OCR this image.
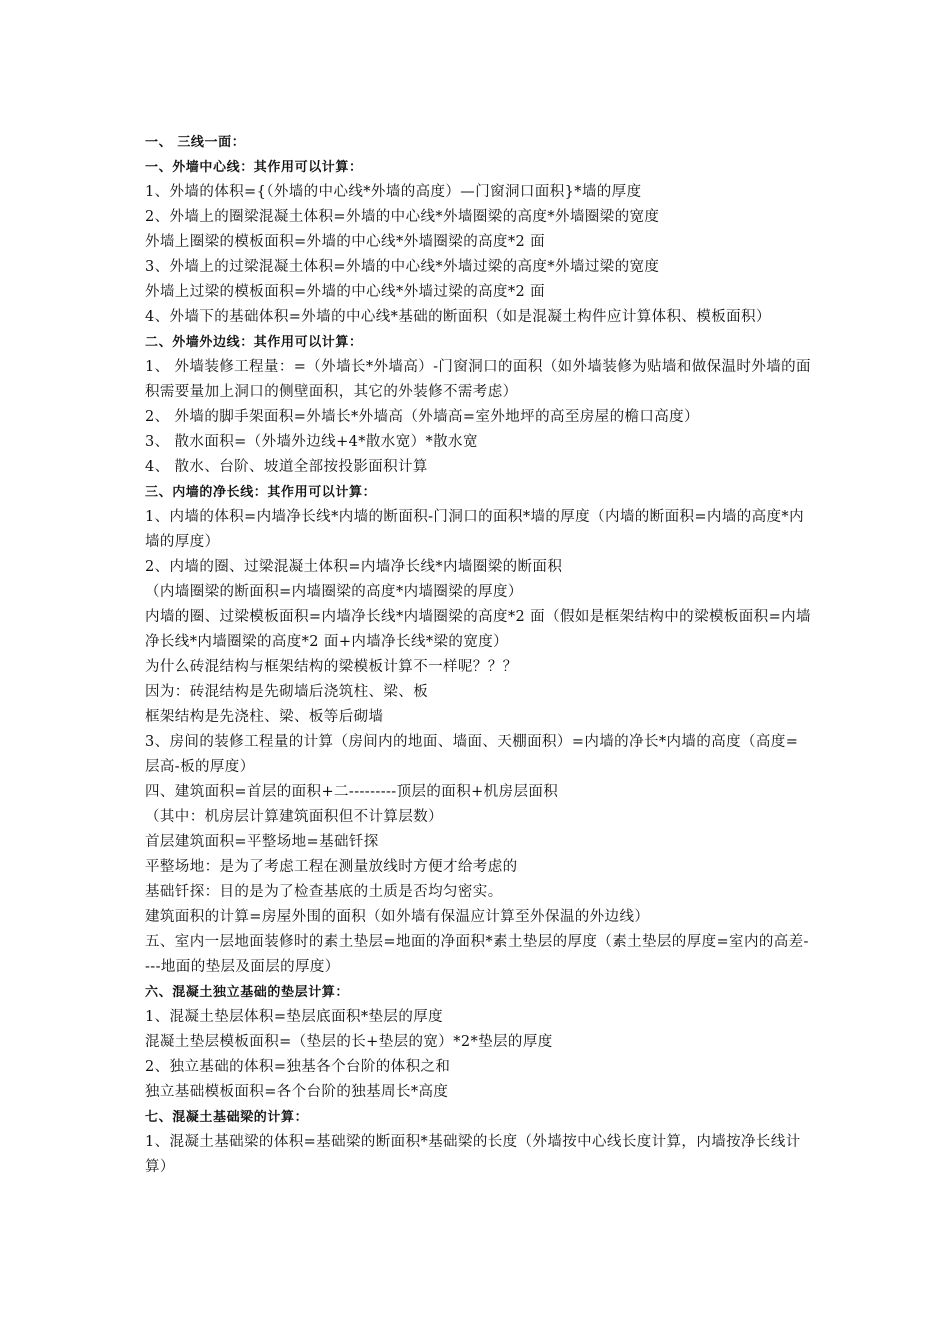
一、 三线一面：

一、外墙中心线：其作用可以计算：

1、外墙的体积={（外墙的中心线*外墙的高度）—门窗洞口面积}*墙的厚度

2、外墙上的圈梁混凝土体积=外墙的中心线*外墙圈梁的高度*外墙圈梁的宽度

外墙上圈梁的模板面积=外墙的中心线*外墙圈梁的高度*2 面

3、外墙上的过梁混凝土体积=外墙的中心线*外墙过梁的高度*外墙过梁的宽度

外墙上过梁的模板面积=外墙的中心线*外墙过梁的高度*2 面

4、外墙下的基础体积=外墙的中心线*基础的断面积（如是混凝土构件应计算体积、模板面积）

二、外墙外边线：其作用可以计算：

1、 外墙装修工程量：=（外墙长*外墙高）-门窗洞口的面积（如外墙装修为贴墙和做保温时外墙的面积需要量加上洞口的侧壁面积，其它的外装修不需考虑）

2、 外墙的脚手架面积=外墙长*外墙高（外墙高=室外地坪的高至房屋的檐口高度）

3、 散水面积=（外墙外边线+4*散水宽）*散水宽

4、 散水、台阶、坡道全部按投影面积计算

三、内墙的净长线：其作用可以计算：

1、内墙的体积=内墙净长线*内墙的断面积-门洞口的面积*墙的厚度（内墙的断面积=内墙的高度*内墙的厚度）

2、内墙的圈、过梁混凝土体积=内墙净长线*内墙圈梁的断面积

（内墙圈梁的断面积=内墙圈梁的高度*内墙圈梁的厚度）

内墙的圈、过梁模板面积=内墙净长线*内墙圈梁的高度*2 面（假如是框架结构中的梁模板面积=内墙净长线*内墙圈梁的高度*2 面+内墙净长线*梁的宽度）

为什么砖混结构与框架结构的梁模板计算不一样呢？？？

因为：砖混结构是先砌墙后浇筑柱、梁、板

框架结构是先浇柱、梁、板等后砌墙

3、房间的装修工程量的计算（房间内的地面、墙面、天棚面积）=内墙的净长*内墙的高度（高度=层高-板的厚度）

四、建筑面积=首层的面积+二---------顶层的面积+机房层面积

（其中：机房层计算建筑面积但不计算层数）

首层建筑面积=平整场地=基础钎探

平整场地：是为了考虑工程在测量放线时方便才给考虑的

基础钎探：目的是为了检查基底的土质是否均匀密实。

建筑面积的计算=房屋外围的面积（如外墙有保温应计算至外保温的外边线）

五、室内一层地面装修时的素土垫层=地面的净面积*素土垫层的厚度（素土垫层的厚度=室内的高差----地面的垫层及面层的厚度）

六、混凝土独立基础的垫层计算：

1、混凝土垫层体积=垫层底面积*垫层的厚度

混凝土垫层模板面积=（垫层的长+垫层的宽）*2*垫层的厚度

2、独立基础的体积=独基各个台阶的体积之和

独立基础模板面积=各个台阶的独基周长*高度

七、混凝土基础梁的计算：

1、混凝土基础梁的体积=基础梁的断面积*基础梁的长度（外墙按中心线长度计算，内墙按净长线计算）
